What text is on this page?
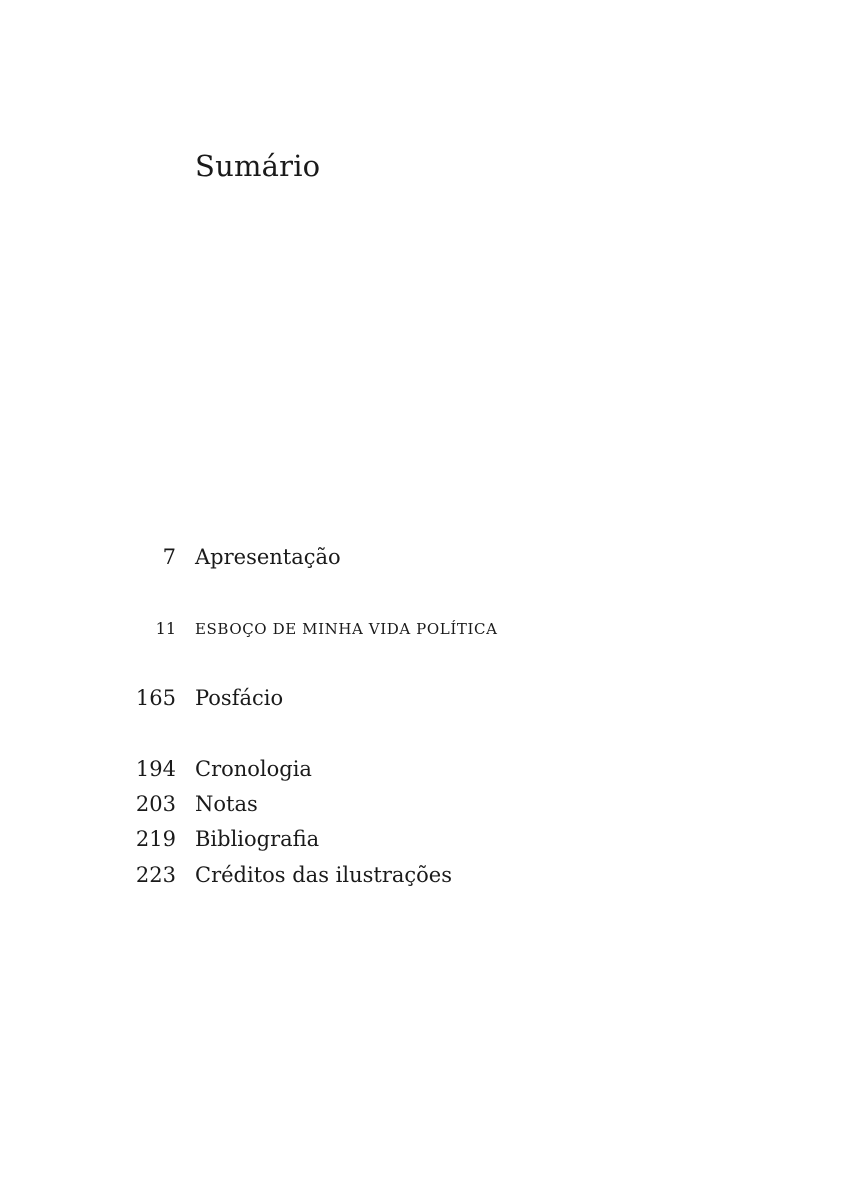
Sumário
7 Apresentação
11 ESBOÇO DE MINHA VIDA POLÍTICA
165 Posfácio
194 Cronologia
203 Notas
219 Bibliografia
223 Créditos das ilustrações
